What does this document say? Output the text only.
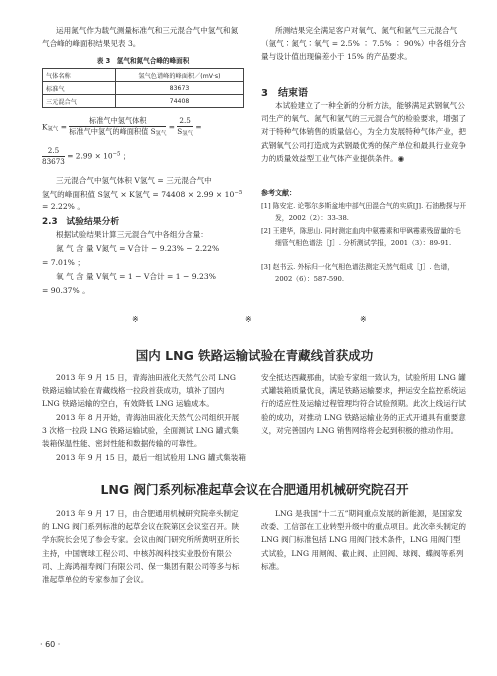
运用氮气作为载气测量标准气和三元混合气中氢气和氮气合峰的峰面积结果见表 3。

表 3　氢气和氮气合峰的峰面积

气体名称	氢气色谱峰的峰面积／(mV·s)
标准气	83673
三元混合气	74408
K氢气 = $\frac{\text{标准气中氢气体积}}{\text{标准气中氢气的峰面积值 S氢气}} = \frac{2.5}{\text{S氢气}}$ =
$\frac{2.5}{83673} = 2.99 \times 10^{-5}$ ；

三元混合气中氢气体积 V氢气 = 三元混合气中

氢气的峰面积值 S氢气 × K氢气 = $74408 \times 2.99 \times 10^{-5}$

= 2.22% 。

2.3　试验结果分析

根据试验结果计算三元混合气中各组分含量：

氮 气 含 量 V氮气 = V合计 − 9.23% − 2.22%

= 7.01% ；

氧 气 含 量 V氧气 = 1 − V合计 = 1 − 9.23%

= 90.37% 。

所测结果完全满足客户对氧气、氮气和氩气三元混合气（氩气∶氮气∶氧气 = 2.5% ∶ 7.5% ∶ 90%）中各组分含量与设计值出现偏差小于 15% 的产品要求。

3　结束语

本试验建立了一种全新的分析方法，能够满足武钢氧气公司生产的氧气、氮气和氩气的三元混合气的检验要求，增强了对于特种气体销售的质量信心，为全力发展特种气体产业，把武钢氧气公司打造成为武钢最优秀的保产单位和最具行业竞争力的质量效益型工业气体产业提供条件。◉

参考文献：

[1] 陈安定. 论鄂尔多斯盆地中部气田混合气的实质[J]. 石油勘探与开发，2002（2）：33-38.

[2] 王建华，陈思山. 同时测定血肉中氨霉素和甲砜霉素残留量的毛细管气相色谱法［J］. 分析测试学报，2001（3）：89-91.

[3] 赵书云. 外标归一化气相色谱法测定天然气组成［J］. 色谱，2002（6）：587-590.

※	※	※

国内 LNG 铁路运输试验在青藏线首获成功

2013 年 9 月 15 日，青海油田液化天然气公司 LNG 铁路运输试验在青藏线格一拉段首获成功，填补了国内 LNG 铁路运输的空白，有效降低 LNG 运输成本。

2013 年 8 月开始，青海油田液化天然气公司组织开展 3 次格一拉段 LNG 铁路运输试验，全面测试 LNG 罐式集装箱保温性能、密封性能和数据传输的可靠性。

2013 年 9 月 15 日，最后一组试验用 LNG 罐式集装箱

安全抵达西藏那曲，试验专家组一致认为，试验所用 LNG 罐式罐装箱质量优良，满足铁路运输要求，押运安全监控系统运行的适应性及运输过程管理均符合试验预期。此次上线运行试验的成功，对推动 LNG 铁路运输业务的正式开通具有重要意义，对完善国内 LNG 销售网络将会起到积极的推动作用。

LNG 阀门系列标准起草会议在合肥通用机械研究院召开

2013 年 9 月 17 日，由合肥通用机械研究院牵头制定的 LNG 阀门系列标准的起草会议在院第区会议室召开。陕学东院长会见了参会专家。会议由阀门研究所所黄明亚所长主持，中国寰球工程公司、中核苏阀科技实业股份有限公司、上海鸿福寿阀门有限公司、保一集团有限公司等多与标准起草单位的专家参加了会议。

LNG 是我国“十二五”期间重点发展的新能源，是国家发改委、工信部在工业转型升级中的重点项目。此次牵头制定的 LNG 阀门标准包括 LNG 用阀门技术条件，LNG 用阀门型式试验，LNG 用闸阀、截止阀、止回阀、球阀、蝶阀等系列标准。

· 60 ·
